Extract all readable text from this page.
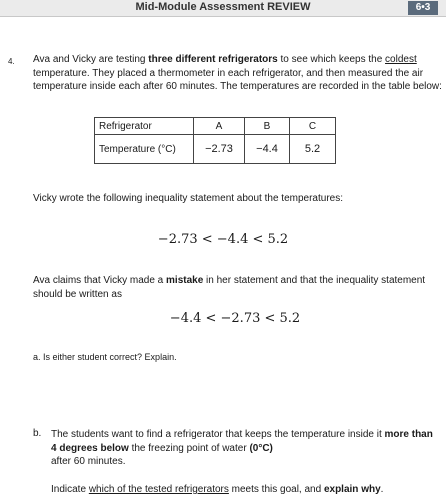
Mid-Module Assessment REVIEW	6•3
4. Ava and Vicky are testing three different refrigerators to see which keeps the coldest temperature. They placed a thermometer in each refrigerator, and then measured the air temperature inside each after 60 minutes. The temperatures are recorded in the table below:
Refrigerator	A	B	C
Temperature (°C)	−2.73	−4.4	5.2
Vicky wrote the following inequality statement about the temperatures:
−2.73 < −4.4 < 5.2
Ava claims that Vicky made a mistake in her statement and that the inequality statement should be written as
−4.4 < −2.73 < 5.2
a. Is either student correct? Explain.
b. The students want to find a refrigerator that keeps the temperature inside it more than 4 degrees below the freezing point of water (0°C)
after 60 minutes.
Indicate which of the tested refrigerators meets this goal, and explain why.
